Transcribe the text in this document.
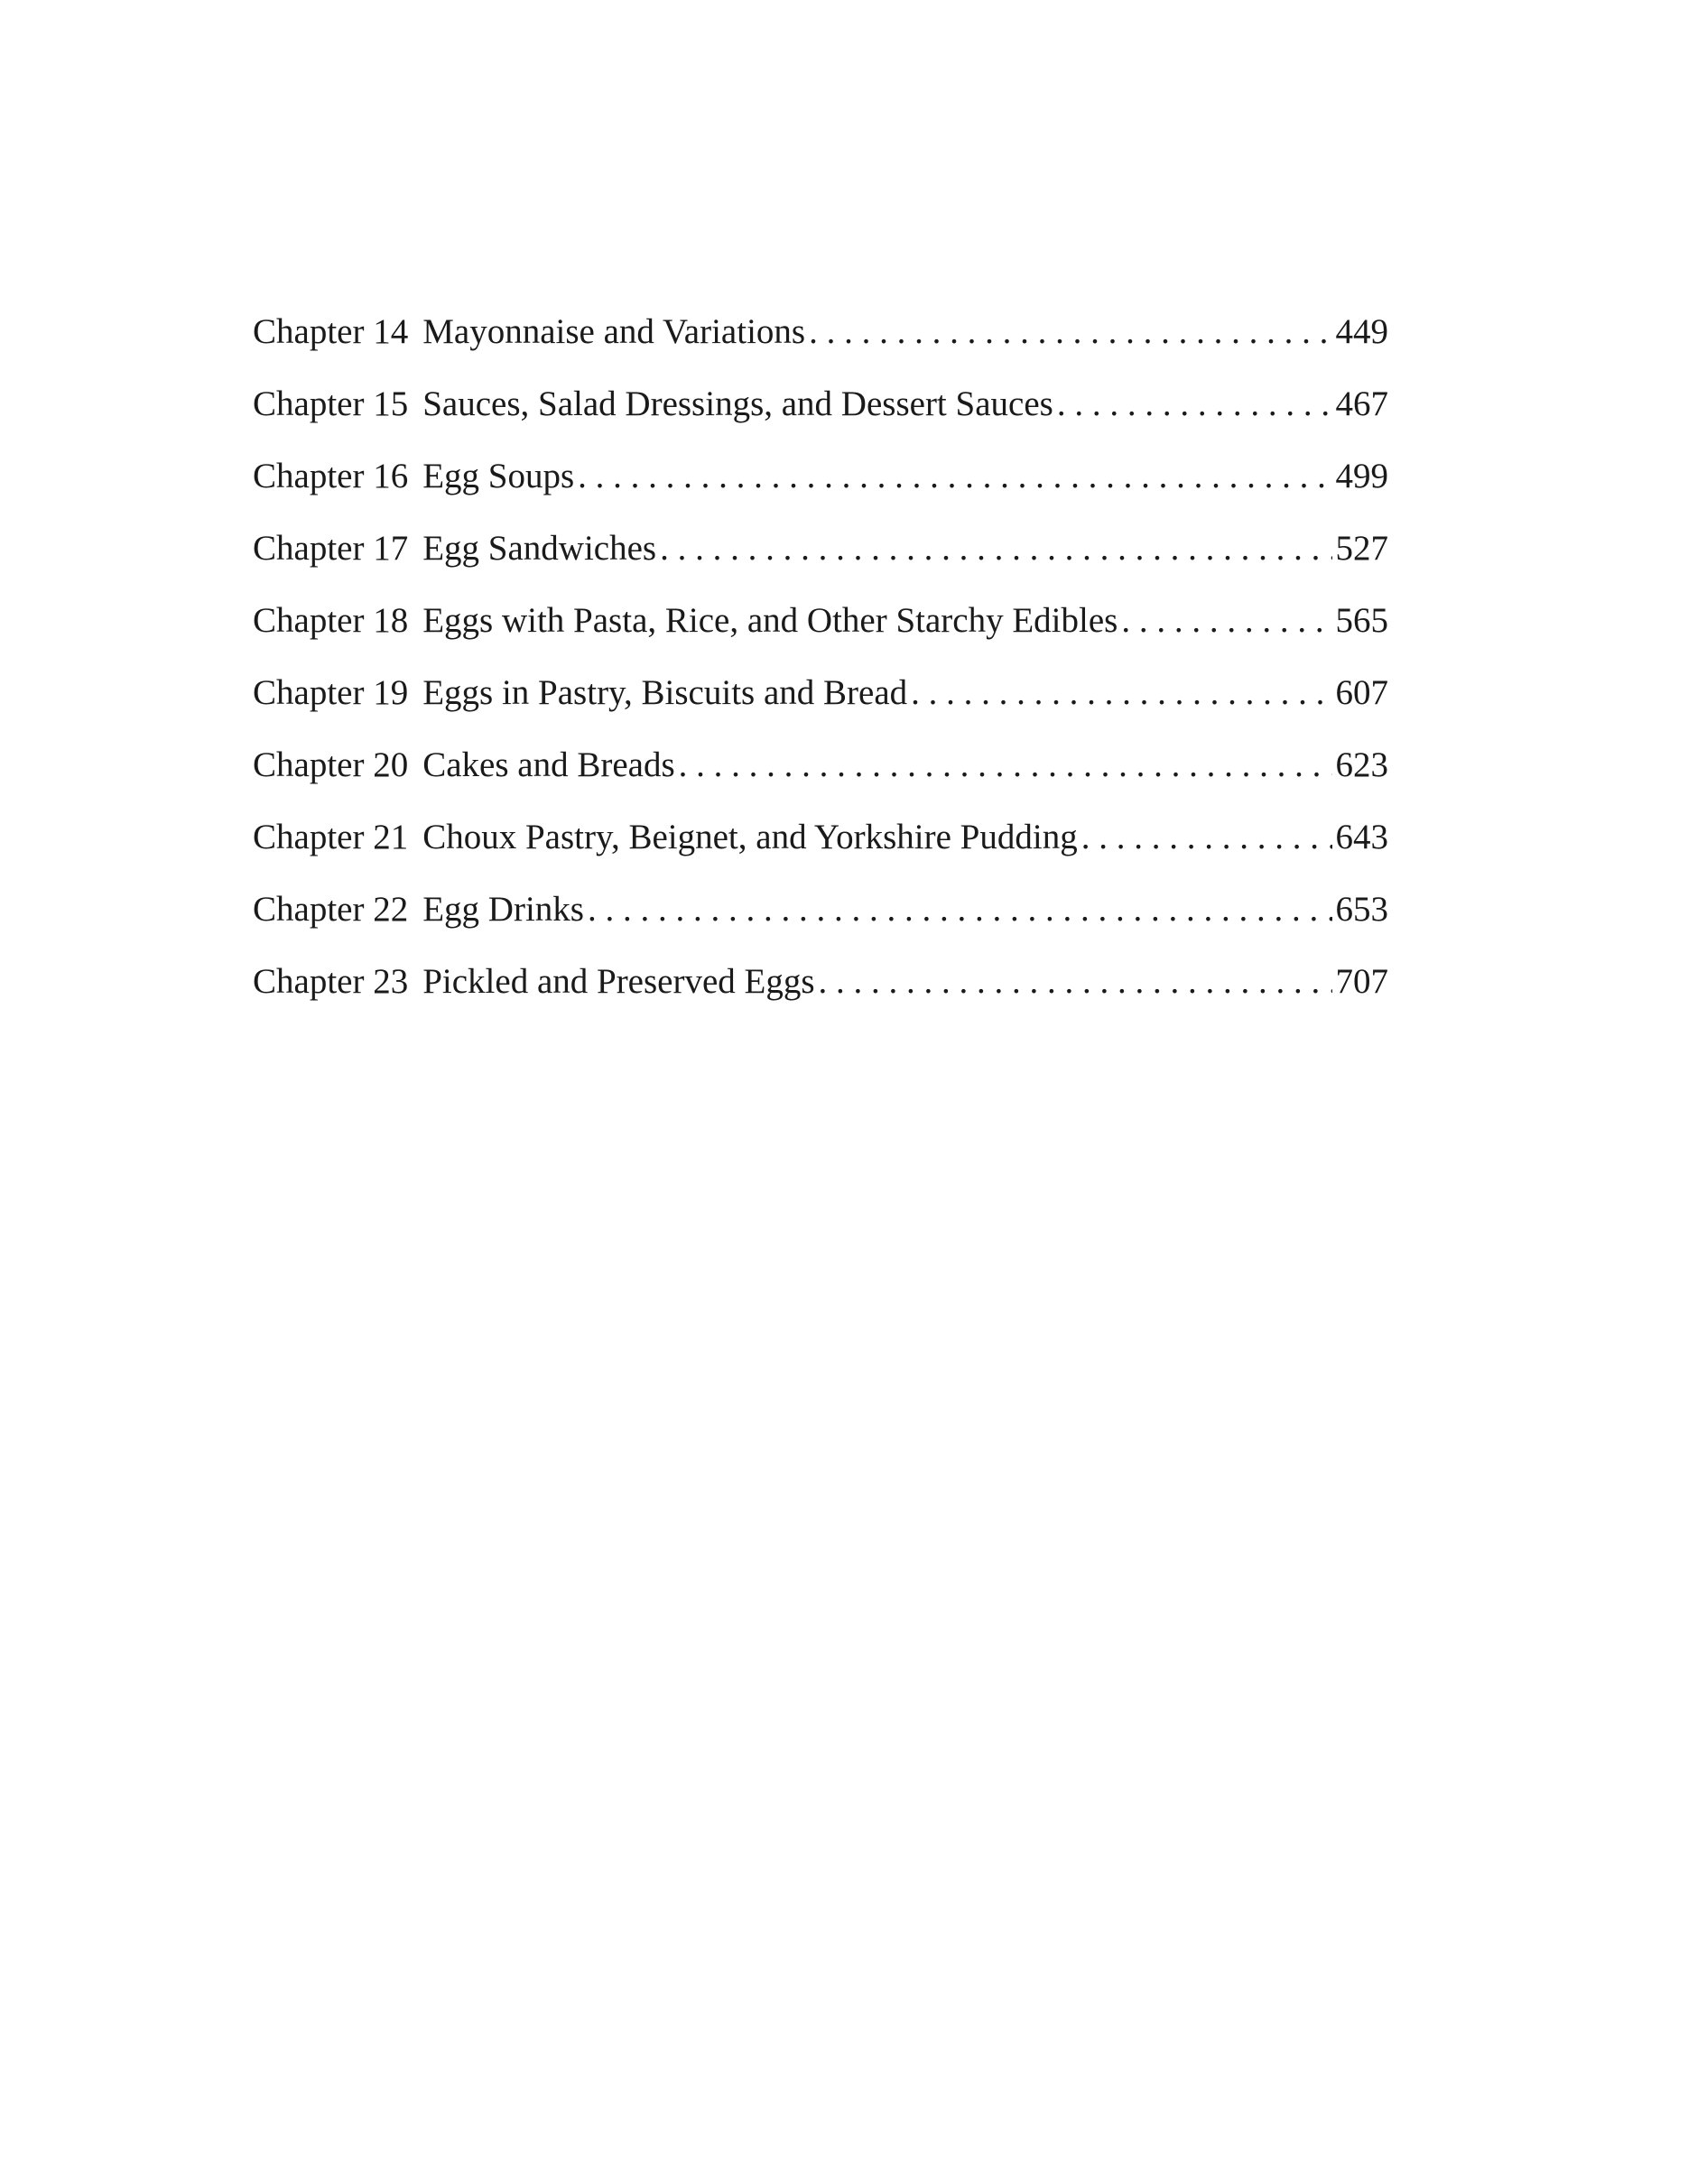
Chapter 14 Mayonnaise and Variations . . .	449
Chapter 15 Sauces, Salad Dressings, and Dessert Sauces . . .	467
Chapter 16 Egg Soups . . .	499
Chapter 17 Egg Sandwiches . . .	527
Chapter 18 Eggs with Pasta, Rice, and Other Starchy Edibles . . .	565
Chapter 19 Eggs in Pastry, Biscuits and Bread . . .	607
Chapter 20 Cakes and Breads . . .	623
Chapter 21 Choux Pastry, Beignet, and Yorkshire Pudding . . .	643
Chapter 22 Egg Drinks . . .	653
Chapter 23 Pickled and Preserved Eggs . . .	707
